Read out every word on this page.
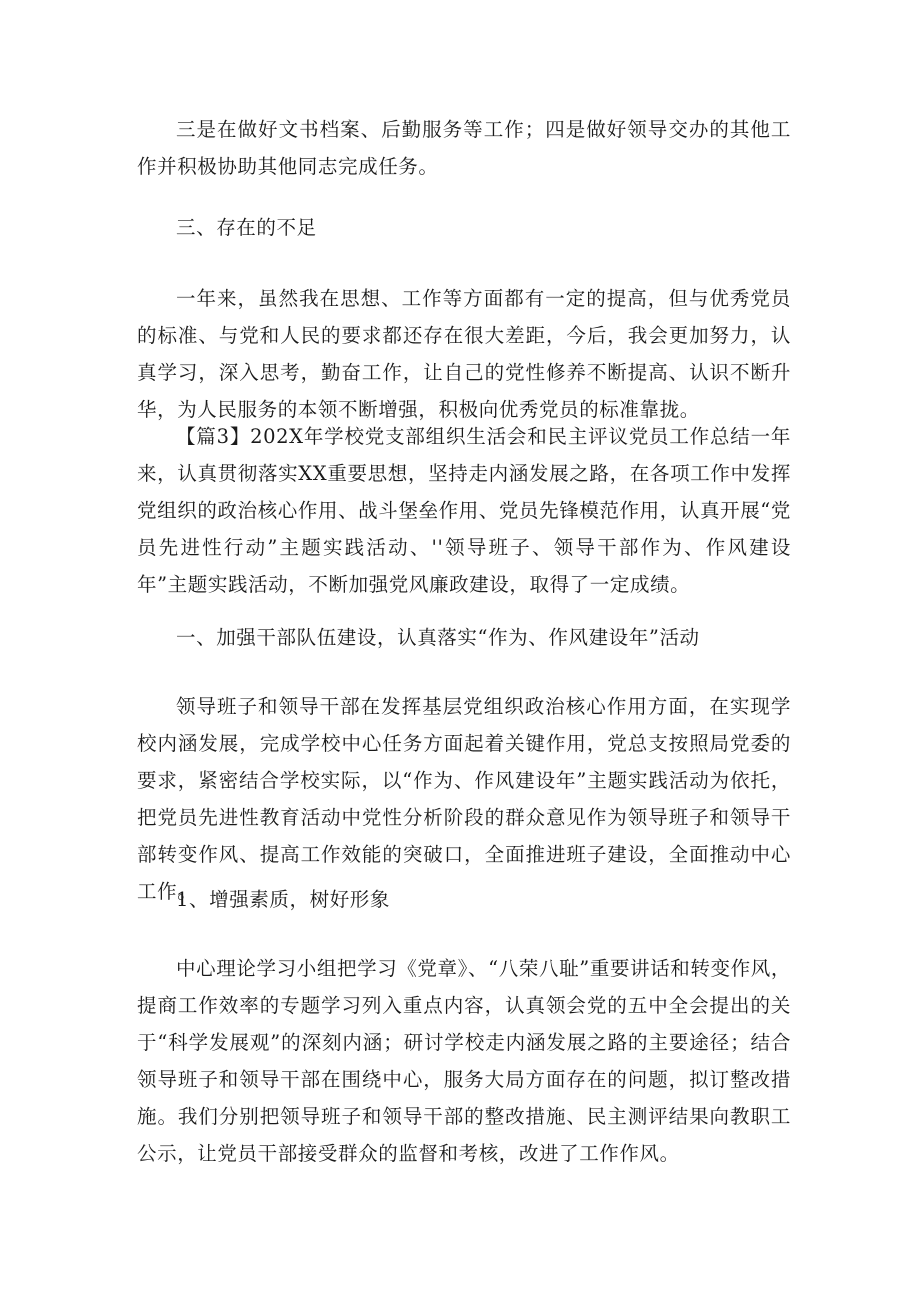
三是在做好文书档案、后勤服务等工作；四是做好领导交办的其他工作并积极协助其他同志完成任务。

三、存在的不足

一年来，虽然我在思想、工作等方面都有一定的提高，但与优秀党员的标准、与党和人民的要求都还存在很大差距，今后，我会更加努力，认真学习，深入思考，勤奋工作，让自己的党性修养不断提高、认识不断升华，为人民服务的本领不断增强，积极向优秀党员的标准靠拢。

【篇3】202X年学校党支部组织生活会和民主评议党员工作总结一年来，认真贯彻落实XX重要思想，坚持走内涵发展之路，在各项工作中发挥党组织的政治核心作用、战斗堡垒作用、党员先锋模范作用，认真开展“党员先进性行动”主题实践活动、''领导班子、领导干部作为、作风建设年”主题实践活动，不断加强党风廉政建设，取得了一定成绩。

一、加强干部队伍建设，认真落实“作为、作风建设年”活动

领导班子和领导干部在发挥基层党组织政治核心作用方面，在实现学校内涵发展，完成学校中心任务方面起着关键作用，党总支按照局党委的要求，紧密结合学校实际，以“作为、作风建设年”主题实践活动为依托，把党员先进性教育活动中党性分析阶段的群众意见作为领导班子和领导干部转变作风、提高工作效能的突破口，全面推进班子建设，全面推动中心工作。

1、增强素质，树好形象

中心理论学习小组把学习《党章》、“八荣八耻”重要讲话和转变作风，提商工作效率的专题学习列入重点内容，认真领会党的五中全会提出的关于“科学发展观”的深刻内涵；研讨学校走内涵发展之路的主要途径；结合领导班子和领导干部在围绕中心，服务大局方面存在的问题，拟订整改措施。我们分别把领导班子和领导干部的整改措施、民主测评结果向教职工公示，让党员干部接受群众的监督和考核，改进了工作作风。
